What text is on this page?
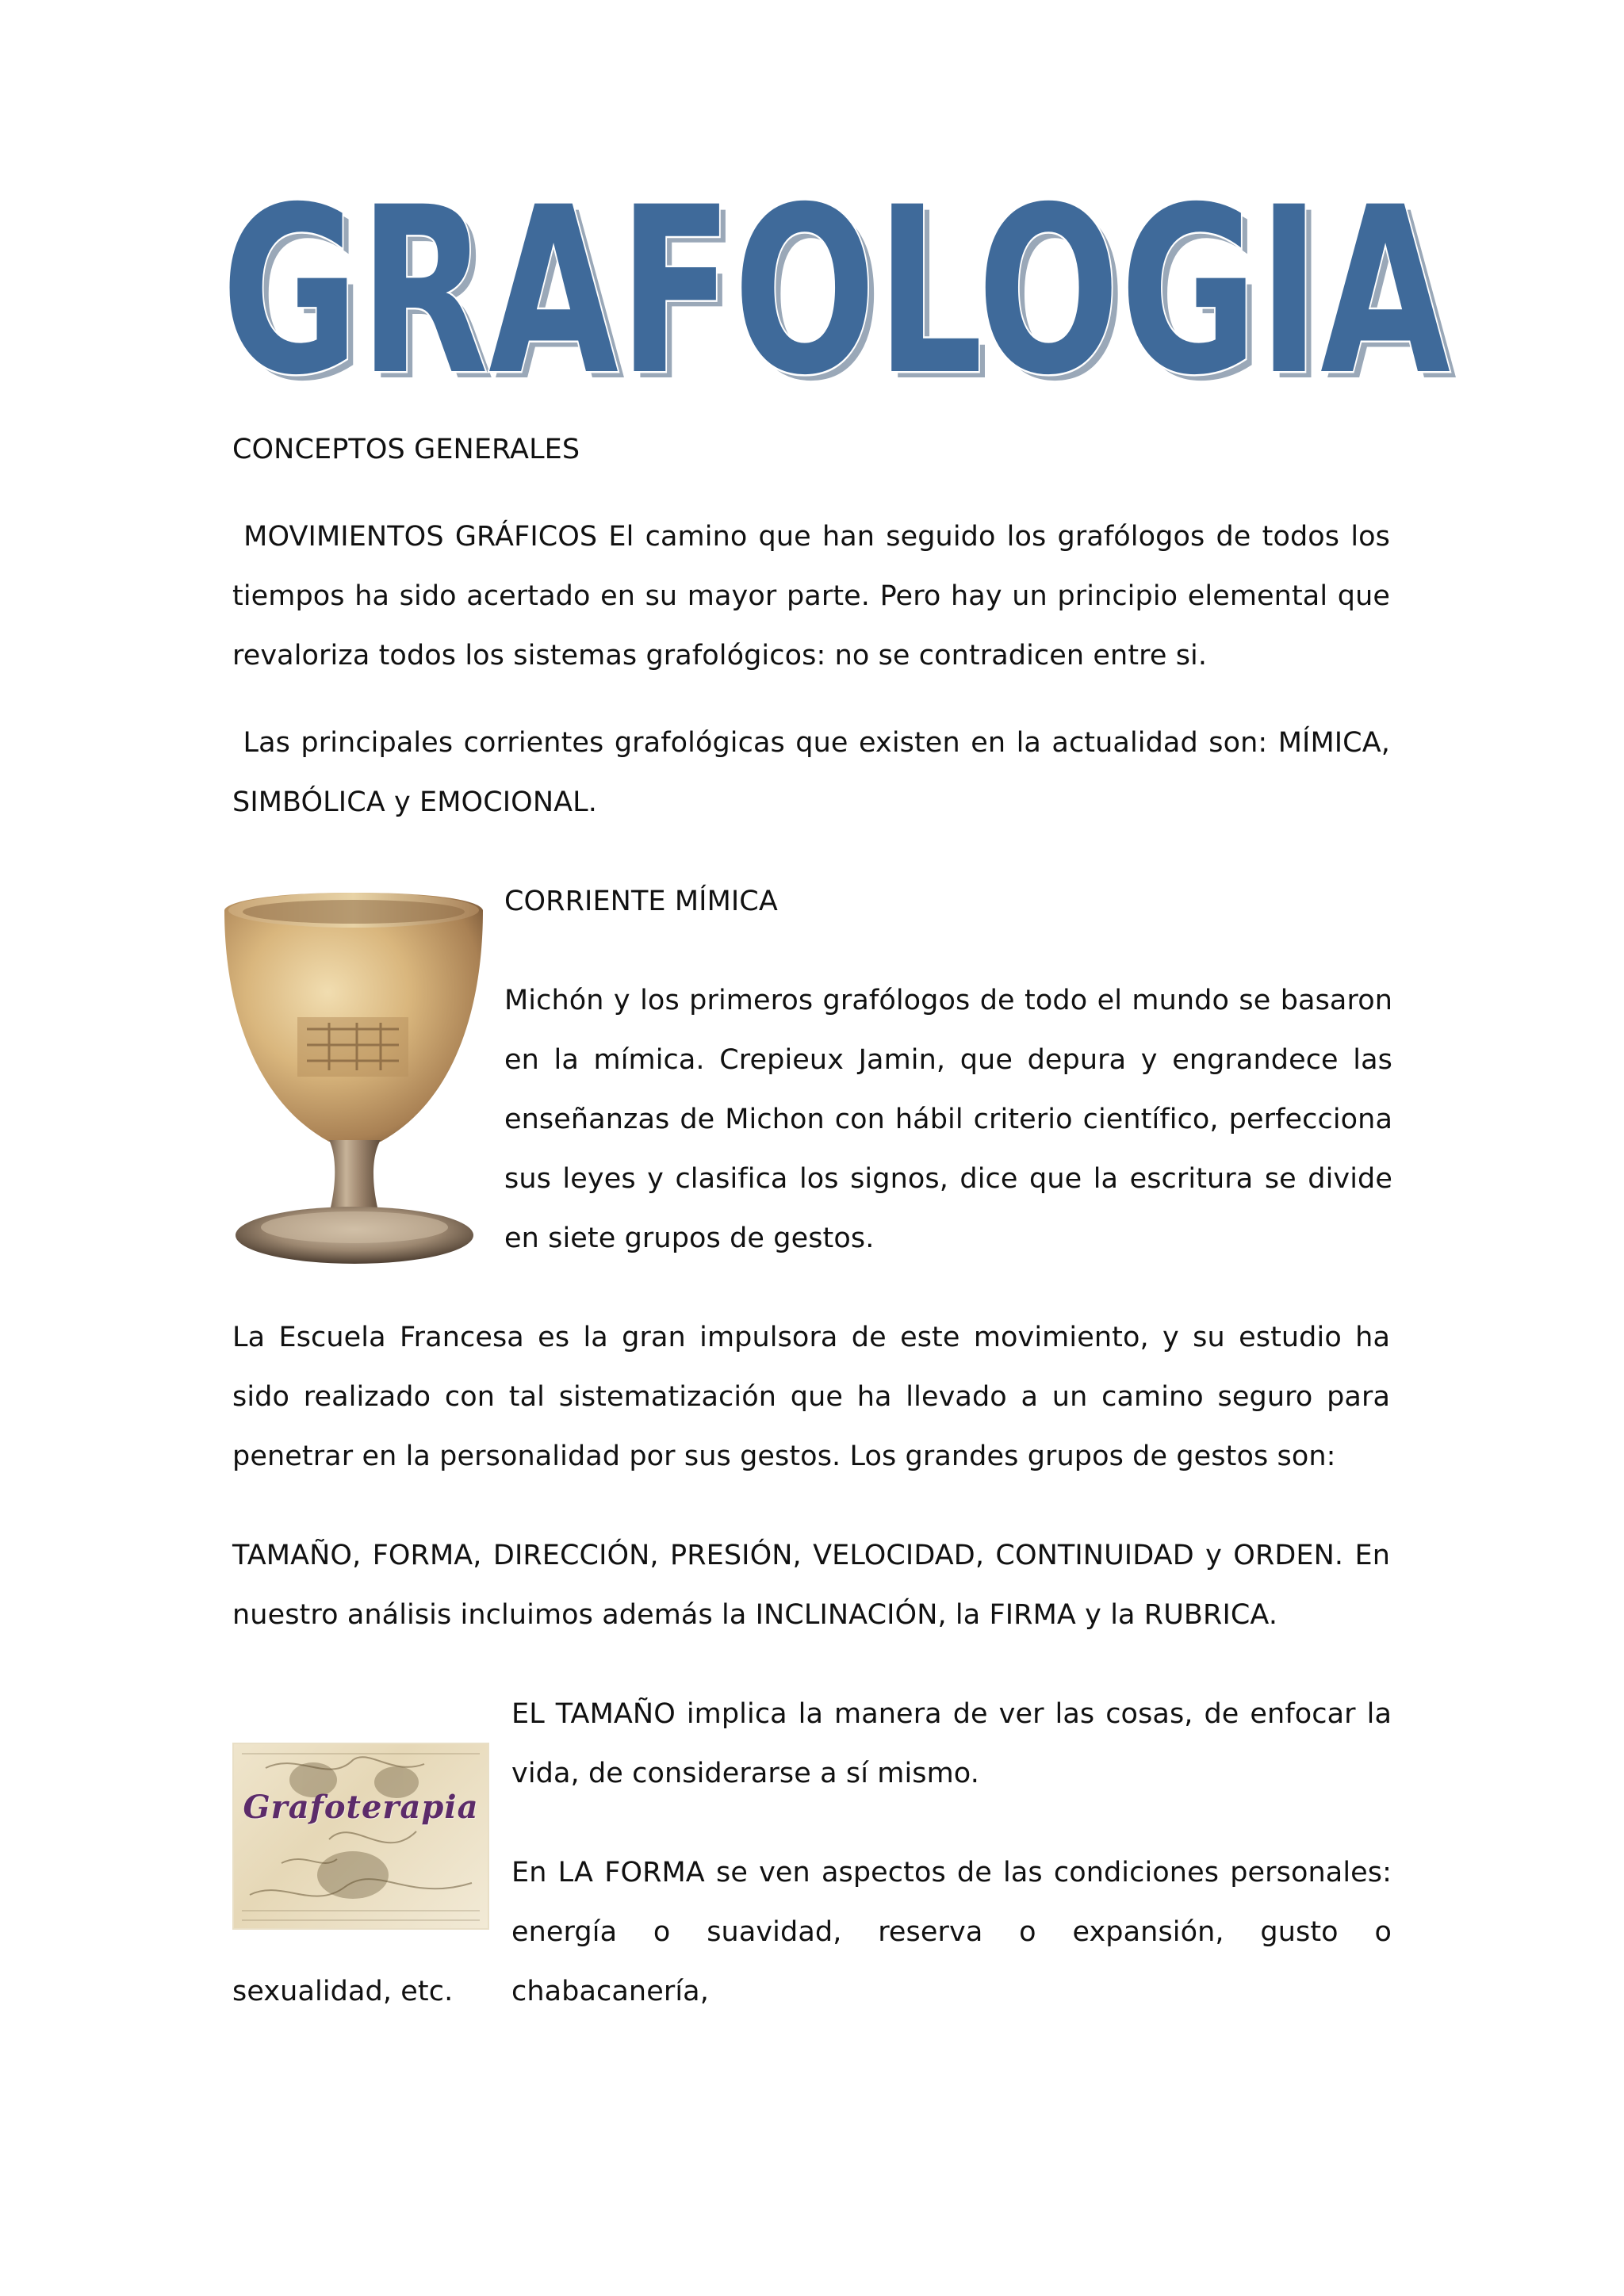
GRAFOLOGIA
GRAFOLOGIA
CONCEPTOS GENERALES
MOVIMIENTOS GRÁFICOS El camino que han seguido los grafólogos de todos los tiempos ha sido acertado en su mayor parte. Pero hay un principio elemental que revaloriza todos los sistemas grafológicos: no se contradicen entre si.
Las principales corrientes grafológicas que existen en la actualidad son: MÍMICA, SIMBÓLICA y EMOCIONAL.
CORRIENTE MÍMICA
Michón y los primeros grafólogos de todo el mundo se basaron en la mímica. Crepieux Jamin, que depura y engrandece las enseñanzas de Michon con hábil criterio científico, perfecciona sus leyes y clasifica los signos, dice que la escritura se divide en siete grupos de gestos.
La Escuela Francesa es la gran impulsora de este movimiento, y su estudio ha sido realizado con tal sistematización que ha llevado a un camino seguro para penetrar en la personalidad por sus gestos. Los grandes grupos de gestos son:
TAMAÑO, FORMA, DIRECCIÓN, PRESIÓN, VELOCIDAD, CONTINUIDAD y ORDEN. En nuestro análisis incluimos además la INCLINACIÓN, la FIRMA y la RUBRICA.
Grafoterapia
EL TAMAÑO implica la manera de ver las cosas, de enfocar la vida, de considerarse a sí mismo.
En LA FORMA se ven aspectos de las condiciones personales: energía o suavidad, reserva o expansión, gusto o chabacanería,
sexualidad, etc.
